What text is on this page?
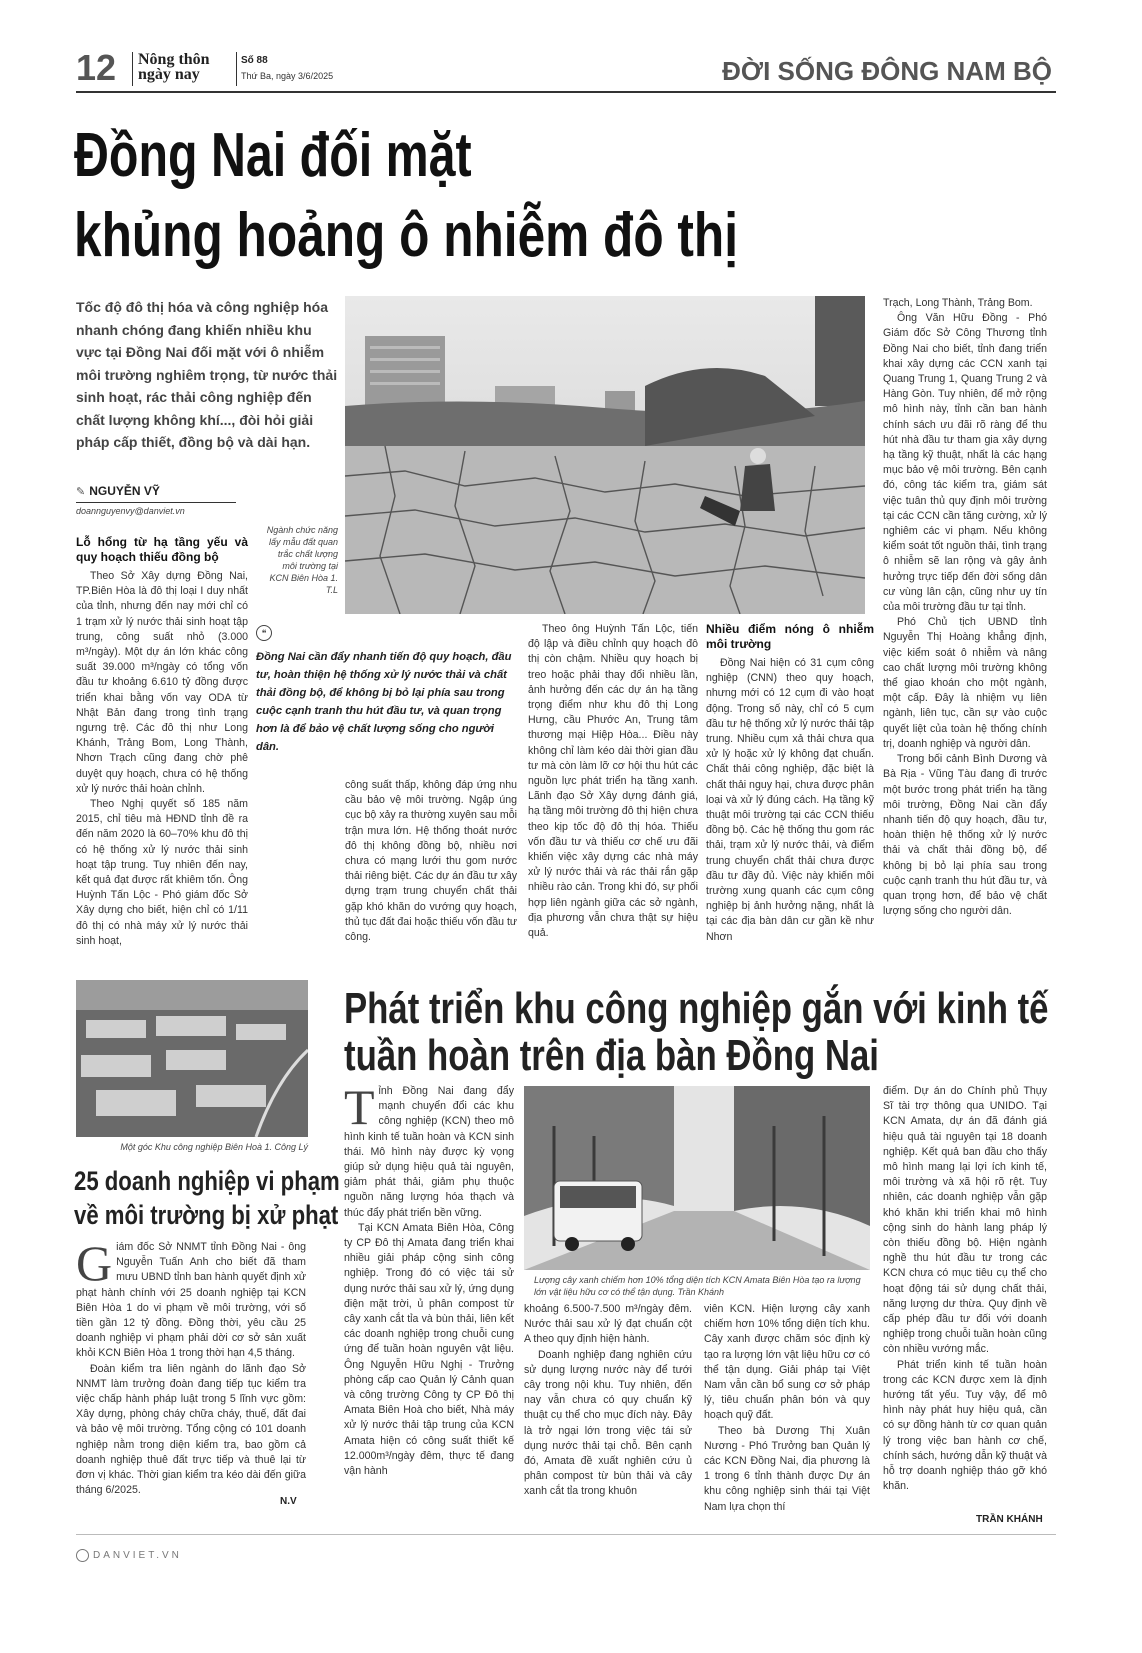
12 Nông thôn ngày nay
Số 88
Thứ Ba, ngày 3/6/2025	ĐỜI SỐNG ĐÔNG NAM BỘ
Đồng Nai đối mặt
khủng hoảng ô nhiễm đô thị
Tốc độ đô thị hóa và công nghiệp hóa nhanh chóng đang khiến nhiều khu vực tại Đồng Nai đối mặt với ô nhiễm môi trường nghiêm trọng, từ nước thải sinh hoạt, rác thải công nghiệp đến chất lượng không khí..., đòi hỏi giải pháp cấp thiết, đồng bộ và dài hạn.
✎ NGUYỄN VỸ
doannguyenvy@danviet.vn
Ngành chức năng lấy mẫu đất quan trắc chất lượng môi trường tại KCN Biên Hòa 1. T.L
❝
Đồng Nai cần đẩy nhanh tiến độ quy hoạch, đầu tư, hoàn thiện hệ thống xử lý nước thải và chất thải đồng bộ, để không bị bỏ lại phía sau trong cuộc cạnh tranh thu hút đầu tư, và quan trọng hơn là để bảo vệ chất lượng sống cho người dân.
Lỗ hổng từ hạ tầng yếu và quy hoạch thiếu đồng bộ

Theo Sở Xây dựng Đồng Nai, TP.Biên Hòa là đô thị loại I duy nhất của tỉnh, nhưng đến nay mới chỉ có 1 trạm xử lý nước thải sinh hoạt tập trung, công suất nhỏ (3.000 m³/ngày). Một dự án lớn khác công suất 39.000 m³/ngày có tổng vốn đầu tư khoảng 6.610 tỷ đồng được triển khai bằng vốn vay ODA từ Nhật Bản đang trong tình trạng ngưng trệ. Các đô thị như Long Khánh, Trảng Bom, Long Thành, Nhơn Trạch cũng đang chờ phê duyệt quy hoạch, chưa có hệ thống xử lý nước thải hoàn chỉnh.

Theo Nghị quyết số 185 năm 2015, chỉ tiêu mà HĐND tỉnh đề ra đến năm 2020 là 60–70% khu đô thị có hệ thống xử lý nước thải sinh hoạt tập trung. Tuy nhiên đến nay, kết quả đạt được rất khiêm tốn. Ông Huỳnh Tấn Lộc - Phó giám đốc Sở Xây dựng cho biết, hiện chỉ có 1/11 đô thị có nhà máy xử lý nước thải sinh hoạt,

công suất thấp, không đáp ứng nhu cầu bảo vệ môi trường. Ngập úng cục bộ xảy ra thường xuyên sau mỗi trận mưa lớn. Hệ thống thoát nước đô thị không đồng bộ, nhiều nơi chưa có mạng lưới thu gom nước thải riêng biệt. Các dự án đầu tư xây dựng trạm trung chuyển chất thải gặp khó khăn do vướng quy hoạch, thủ tục đất đai hoặc thiếu vốn đầu tư công.

Theo ông Huỳnh Tấn Lộc, tiến độ lập và điều chỉnh quy hoạch đô thị còn chậm. Nhiều quy hoạch bị treo hoặc phải thay đổi nhiều lần, ảnh hưởng đến các dự án hạ tầng trọng điểm như khu đô thị Long Hưng, cầu Phước An, Trung tâm thương mại Hiệp Hòa... Điều này không chỉ làm kéo dài thời gian đầu tư mà còn làm lỡ cơ hội thu hút các nguồn lực phát triển hạ tầng xanh. Lãnh đạo Sở Xây dựng đánh giá, hạ tầng môi trường đô thị hiện chưa theo kịp tốc độ đô thị hóa. Thiếu vốn đầu tư và thiếu cơ chế ưu đãi khiến việc xây dựng các nhà máy xử lý nước thải và rác thải rắn gặp nhiều rào cản. Trong khi đó, sự phối hợp liên ngành giữa các sở ngành, địa phương vẫn chưa thật sự hiệu quả.

Nhiều điểm nóng ô nhiễm môi trường

Đồng Nai hiện có 31 cụm công nghiệp (CNN) theo quy hoạch, nhưng mới có 12 cụm đi vào hoạt động. Trong số này, chỉ có 5 cụm đầu tư hệ thống xử lý nước thải tập trung. Nhiều cụm xả thải chưa qua xử lý hoặc xử lý không đạt chuẩn. Chất thải công nghiệp, đặc biệt là chất thải nguy hại, chưa được phân loại và xử lý đúng cách. Hạ tầng kỹ thuật môi trường tại các CCN thiếu đồng bộ. Các hệ thống thu gom rác thải, trạm xử lý nước thải, và điểm trung chuyển chất thải chưa được đầu tư đầy đủ. Việc này khiến môi trường xung quanh các cụm công nghiệp bị ảnh hưởng nặng, nhất là tại các địa bàn dân cư gần kề như Nhơn

Trạch, Long Thành, Trảng Bom.

Ông Văn Hữu Đồng - Phó Giám đốc Sở Công Thương tỉnh Đồng Nai cho biết, tỉnh đang triển khai xây dựng các CCN xanh tại Quang Trung 1, Quang Trung 2 và Hàng Gòn. Tuy nhiên, để mở rộng mô hình này, tỉnh cần ban hành chính sách ưu đãi rõ ràng để thu hút nhà đầu tư tham gia xây dựng hạ tầng kỹ thuật, nhất là các hạng mục bảo vệ môi trường. Bên cạnh đó, công tác kiểm tra, giám sát việc tuân thủ quy định môi trường tại các CCN cần tăng cường, xử lý nghiêm các vi phạm. Nếu không kiểm soát tốt nguồn thải, tình trạng ô nhiễm sẽ lan rộng và gây ảnh hưởng trực tiếp đến đời sống dân cư vùng lân cận, cũng như uy tín của môi trường đầu tư tại tỉnh.

Phó Chủ tịch UBND tỉnh Nguyễn Thị Hoàng khẳng định, việc kiểm soát ô nhiễm và nâng cao chất lượng môi trường không thể giao khoán cho một ngành, một cấp. Đây là nhiệm vụ liên ngành, liên tục, cần sự vào cuộc quyết liệt của toàn hệ thống chính trị, doanh nghiệp và người dân.

Trong bối cảnh Bình Dương và Bà Rịa - Vũng Tàu đang đi trước một bước trong phát triển hạ tầng môi trường, Đồng Nai cần đẩy nhanh tiến độ quy hoạch, đầu tư, hoàn thiện hệ thống xử lý nước thải và chất thải đồng bộ, để không bị bỏ lại phía sau trong cuộc cạnh tranh thu hút đầu tư, và quan trọng hơn, để bảo vệ chất lượng sống cho người dân.

Một góc Khu công nghiệp Biên Hoà 1. Công Lý
25 doanh nghiệp vi phạm
về môi trường bị xử phạt

Giám đốc Sở NNMT tỉnh Đồng Nai - ông Nguyễn Tuấn Anh cho biết đã tham mưu UBND tỉnh ban hành quyết định xử phạt hành chính với 25 doanh nghiệp tại KCN Biên Hòa 1 do vi phạm về môi trường, với số tiền gần 12 tỷ đồng. Đồng thời, yêu cầu 25 doanh nghiệp vi phạm phải dời cơ sở sản xuất khỏi KCN Biên Hòa 1 trong thời hạn 4,5 tháng.

Đoàn kiểm tra liên ngành do lãnh đạo Sở NNMT làm trưởng đoàn đang tiếp tục kiểm tra việc chấp hành pháp luật trong 5 lĩnh vực gồm: Xây dựng, phòng cháy chữa cháy, thuế, đất đai và bảo vệ môi trường. Tổng cộng có 101 doanh nghiệp nằm trong diện kiểm tra, bao gồm cả doanh nghiệp thuê đất trực tiếp và thuê lại từ đơn vị khác. Thời gian kiểm tra kéo dài đến giữa tháng 6/2025.

N.V
Phát triển khu công nghiệp gắn với kinh tế
tuần hoàn trên địa bàn Đồng Nai

Tỉnh Đồng Nai đang đẩy mạnh chuyển đổi các khu công nghiệp (KCN) theo mô hình kinh tế tuần hoàn và KCN sinh thái. Mô hình này được kỳ vọng giúp sử dụng hiệu quả tài nguyên, giảm phát thải, giảm phụ thuộc nguồn năng lượng hóa thạch và thúc đẩy phát triển bền vững.

Tại KCN Amata Biên Hòa, Công ty CP Đô thị Amata đang triển khai nhiều giải pháp cộng sinh công nghiệp. Trong đó có việc tái sử dụng nước thải sau xử lý, ứng dụng điện mặt trời, ủ phân compost từ cây xanh cắt tỉa và bùn thải, liên kết các doanh nghiệp trong chuỗi cung ứng để tuần hoàn nguyên vật liệu. Ông Nguyễn Hữu Nghị - Trưởng phòng cấp cao Quản lý Cảnh quan và công trường Công ty CP Đô thị Amata Biên Hoà cho biết, Nhà máy xử lý nước thải tập trung của KCN Amata hiện có công suất thiết kế 12.000m³/ngày đêm, thực tế đang vận hành

Lượng cây xanh chiếm hơn 10% tổng diện tích KCN Amata Biên Hòa tạo ra lượng lớn vật liệu hữu cơ có thể tận dụng. Trần Khánh

khoảng 6.500-7.500 m³/ngày đêm. Nước thải sau xử lý đạt chuẩn cột A theo quy định hiện hành.

Doanh nghiệp đang nghiên cứu sử dụng lượng nước này để tưới cây trong nội khu. Tuy nhiên, đến nay vẫn chưa có quy chuẩn kỹ thuật cụ thể cho mục đích này. Đây là trở ngại lớn trong việc tái sử dụng nước thải tại chỗ. Bên cạnh đó, Amata đề xuất nghiên cứu ủ phân compost từ bùn thải và cây xanh cắt tỉa trong khuôn

viên KCN. Hiện lượng cây xanh chiếm hơn 10% tổng diện tích khu. Cây xanh được chăm sóc định kỳ tạo ra lượng lớn vật liệu hữu cơ có thể tận dụng. Giải pháp tại Việt Nam vẫn cần bổ sung cơ sở pháp lý, tiêu chuẩn phân bón và quy hoạch quỹ đất.

Theo bà Dương Thị Xuân Nương - Phó Trưởng ban Quản lý các KCN Đồng Nai, địa phương là 1 trong 6 tỉnh thành được Dự án khu công nghiệp sinh thái tại Việt Nam lựa chọn thí

điểm. Dự án do Chính phủ Thụy Sĩ tài trợ thông qua UNIDO. Tại KCN Amata, dự án đã đánh giá hiệu quả tài nguyên tại 18 doanh nghiệp. Kết quả ban đầu cho thấy mô hình mang lại lợi ích kinh tế, môi trường và xã hội rõ rệt. Tuy nhiên, các doanh nghiệp vẫn gặp khó khăn khi triển khai mô hình cộng sinh do hành lang pháp lý còn thiếu đồng bộ. Hiện ngành nghề thu hút đầu tư trong các KCN chưa có mục tiêu cụ thể cho hoạt động tái sử dụng chất thải, năng lượng dư thừa. Quy định về cấp phép đầu tư đối với doanh nghiệp trong chuỗi tuần hoàn cũng còn nhiều vướng mắc.

Phát triển kinh tế tuần hoàn trong các KCN được xem là định hướng tất yếu. Tuy vậy, để mô hình này phát huy hiệu quả, cần có sự đồng hành từ cơ quan quản lý trong việc ban hành cơ chế, chính sách, hướng dẫn kỹ thuật và hỗ trợ doanh nghiệp tháo gỡ khó khăn.

TRẦN KHÁNH
DANVIET.VN
